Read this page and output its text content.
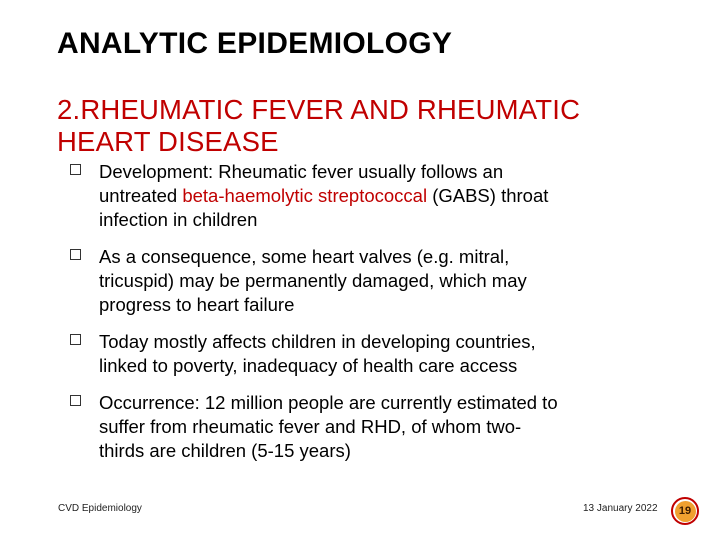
ANALYTIC EPIDEMIOLOGY
2.RHEUMATIC FEVER AND RHEUMATIC
HEART DISEASE
Development: Rheumatic fever usually follows an
untreated beta-haemolytic streptococcal (GABS) throat
infection in children
As a consequence, some heart valves (e.g. mitral,
tricuspid) may be permanently damaged, which may
progress to heart failure
Today mostly affects children in developing countries,
linked to poverty, inadequacy of health care access
Occurrence: 12 million people are currently estimated to
suffer from rheumatic fever and RHD, of whom two-
thirds are children (5-15 years)
CVD Epidemiology	13 January 2022	19
